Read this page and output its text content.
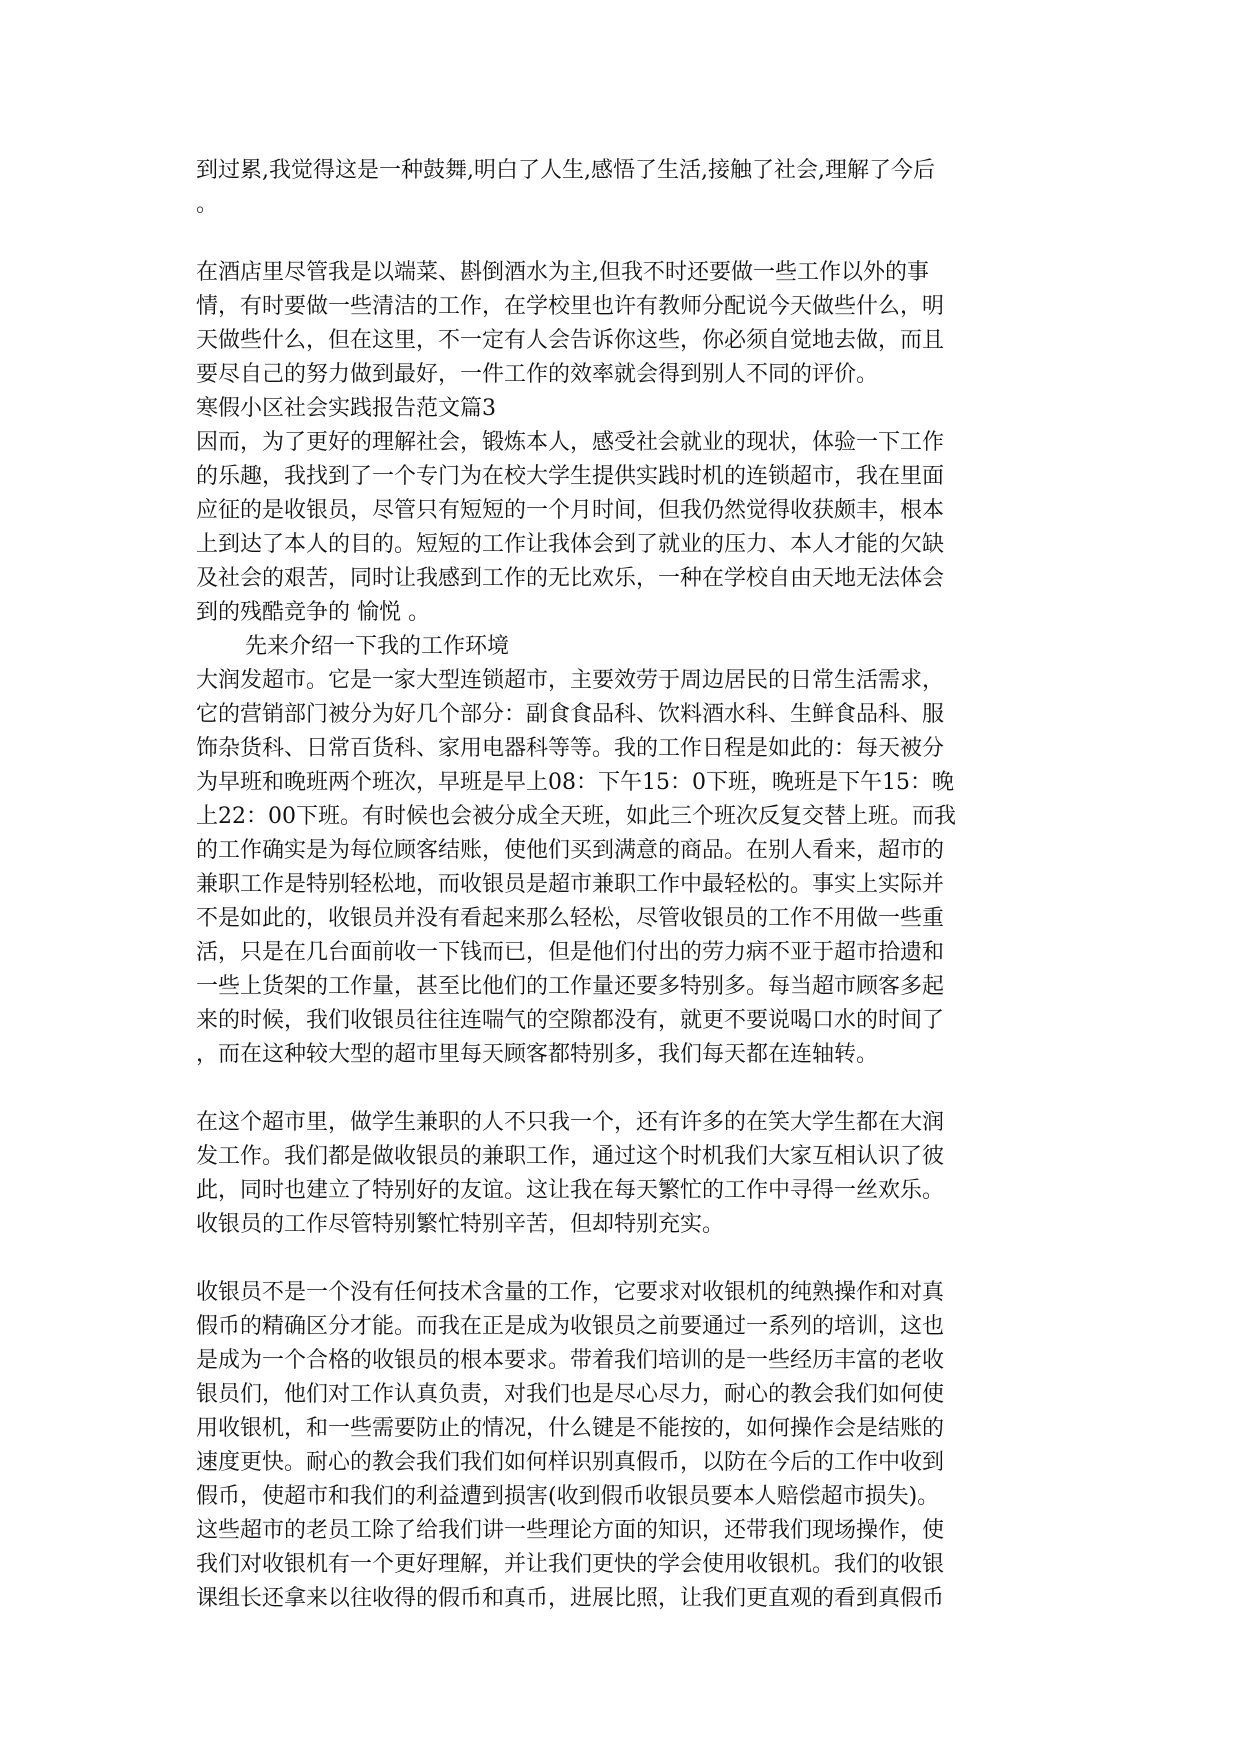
到过累,我觉得这是一种鼓舞,明白了人生,感悟了生活,接触了社会,理解了今后
。
在酒店里尽管我是以端菜、斟倒酒水为主,但我不时还要做一些工作以外的事
情，有时要做一些清洁的工作，在学校里也许有教师分配说今天做些什么，明
天做些什么，但在这里，不一定有人会告诉你这些，你必须自觉地去做，而且
要尽自己的努力做到最好，一件工作的效率就会得到别人不同的评价。
寒假小区社会实践报告范文篇3
因而，为了更好的理解社会，锻炼本人，感受社会就业的现状，体验一下工作
的乐趣，我找到了一个专门为在校大学生提供实践时机的连锁超市，我在里面
应征的是收银员，尽管只有短短的一个月时间，但我仍然觉得收获颇丰，根本
上到达了本人的目的。短短的工作让我体会到了就业的压力、本人才能的欠缺
及社会的艰苦，同时让我感到工作的无比欢乐，一种在学校自由天地无法体会
到的残酷竞争的 愉悦 。
先来介绍一下我的工作环境
大润发超市。它是一家大型连锁超市，主要效劳于周边居民的日常生活需求，
它的营销部门被分为好几个部分：副食食品科、饮料酒水科、生鲜食品科、服
饰杂货科、日常百货科、家用电器科等等。我的工作日程是如此的：每天被分
为早班和晚班两个班次，早班是早上08：下午15：0下班，晚班是下午15：晚
上22：00下班。有时候也会被分成全天班，如此三个班次反复交替上班。而我
的工作确实是为每位顾客结账，使他们买到满意的商品。在别人看来，超市的
兼职工作是特别轻松地，而收银员是超市兼职工作中最轻松的。事实上实际并
不是如此的，收银员并没有看起来那么轻松，尽管收银员的工作不用做一些重
活，只是在几台面前收一下钱而已，但是他们付出的劳力病不亚于超市拾遗和
一些上货架的工作量，甚至比他们的工作量还要多特别多。每当超市顾客多起
来的时候，我们收银员往往连喘气的空隙都没有，就更不要说喝口水的时间了
，而在这种较大型的超市里每天顾客都特别多，我们每天都在连轴转。
在这个超市里，做学生兼职的人不只我一个，还有许多的在笑大学生都在大润
发工作。我们都是做收银员的兼职工作，通过这个时机我们大家互相认识了彼
此，同时也建立了特别好的友谊。这让我在每天繁忙的工作中寻得一丝欢乐。
收银员的工作尽管特别繁忙特别辛苦，但却特别充实。
收银员不是一个没有任何技术含量的工作，它要求对收银机的纯熟操作和对真
假币的精确区分才能。而我在正是成为收银员之前要通过一系列的培训，这也
是成为一个合格的收银员的根本要求。带着我们培训的是一些经历丰富的老收
银员们，他们对工作认真负责，对我们也是尽心尽力，耐心的教会我们如何使
用收银机，和一些需要防止的情况，什么键是不能按的，如何操作会是结账的
速度更快。耐心的教会我们我们如何样识别真假币，以防在今后的工作中收到
假币，使超市和我们的利益遭到损害(收到假币收银员要本人赔偿超市损失)。
这些超市的老员工除了给我们讲一些理论方面的知识，还带我们现场操作，使
我们对收银机有一个更好理解，并让我们更快的学会使用收银机。我们的收银
课组长还拿来以往收得的假币和真币，进展比照，让我们更直观的看到真假币
